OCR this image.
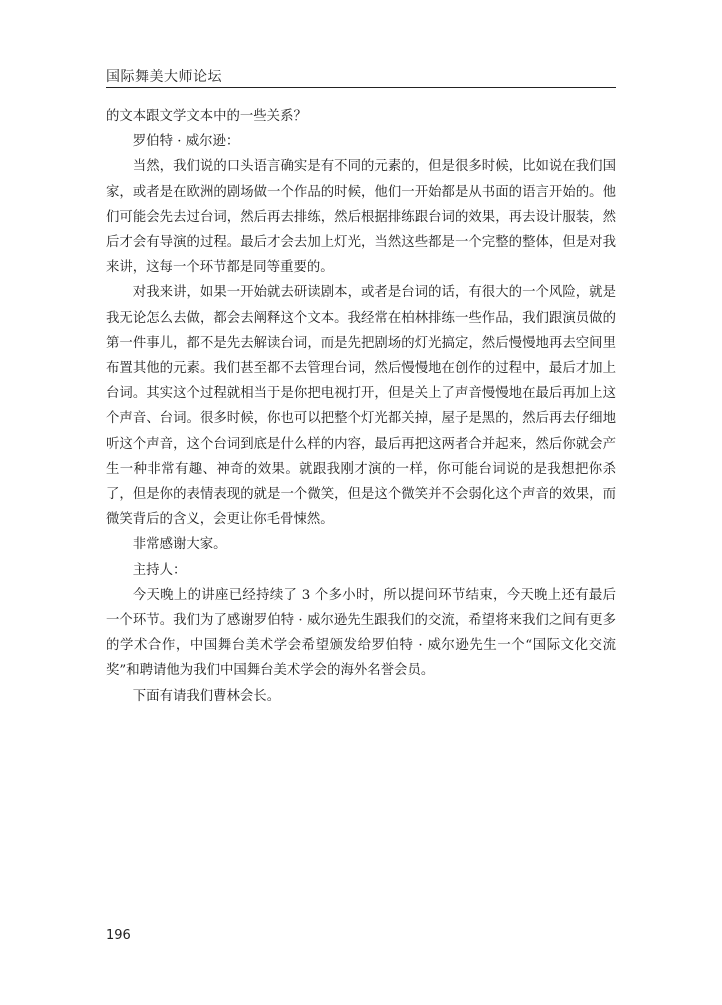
国际舞美大师论坛

的文本跟文学文本中的一些关系？

罗伯特 · 威尔逊：

当然，我们说的口头语言确实是有不同的元素的，但是很多时候，比如说在我们国家，或者是在欧洲的剧场做一个作品的时候，他们一开始都是从书面的语言开始的。他们可能会先去过台词，然后再去排练，然后根据排练跟台词的效果，再去设计服装，然后才会有导演的过程。最后才会去加上灯光，当然这些都是一个完整的整体，但是对我来讲，这每一个环节都是同等重要的。

对我来讲，如果一开始就去研读剧本，或者是台词的话，有很大的一个风险，就是我无论怎么去做，都会去阐释这个文本。我经常在柏林排练一些作品，我们跟演员做的第一件事儿，都不是先去解读台词，而是先把剧场的灯光搞定，然后慢慢地再去空间里布置其他的元素。我们甚至都不去管理台词，然后慢慢地在创作的过程中，最后才加上台词。其实这个过程就相当于是你把电视打开，但是关上了声音慢慢地在最后再加上这个声音、台词。很多时候，你也可以把整个灯光都关掉，屋子是黑的，然后再去仔细地听这个声音，这个台词到底是什么样的内容，最后再把这两者合并起来，然后你就会产生一种非常有趣、神奇的效果。就跟我刚才演的一样，你可能台词说的是我想把你杀了，但是你的表情表现的就是一个微笑，但是这个微笑并不会弱化这个声音的效果，而微笑背后的含义，会更让你毛骨悚然。

非常感谢大家。

主持人：

今天晚上的讲座已经持续了 3 个多小时，所以提问环节结束，今天晚上还有最后一个环节。我们为了感谢罗伯特 · 威尔逊先生跟我们的交流，希望将来我们之间有更多的学术合作，中国舞台美术学会希望颁发给罗伯特 · 威尔逊先生一个“国际文化交流奖”和聘请他为我们中国舞台美术学会的海外名誉会员。

下面有请我们曹林会长。

196
